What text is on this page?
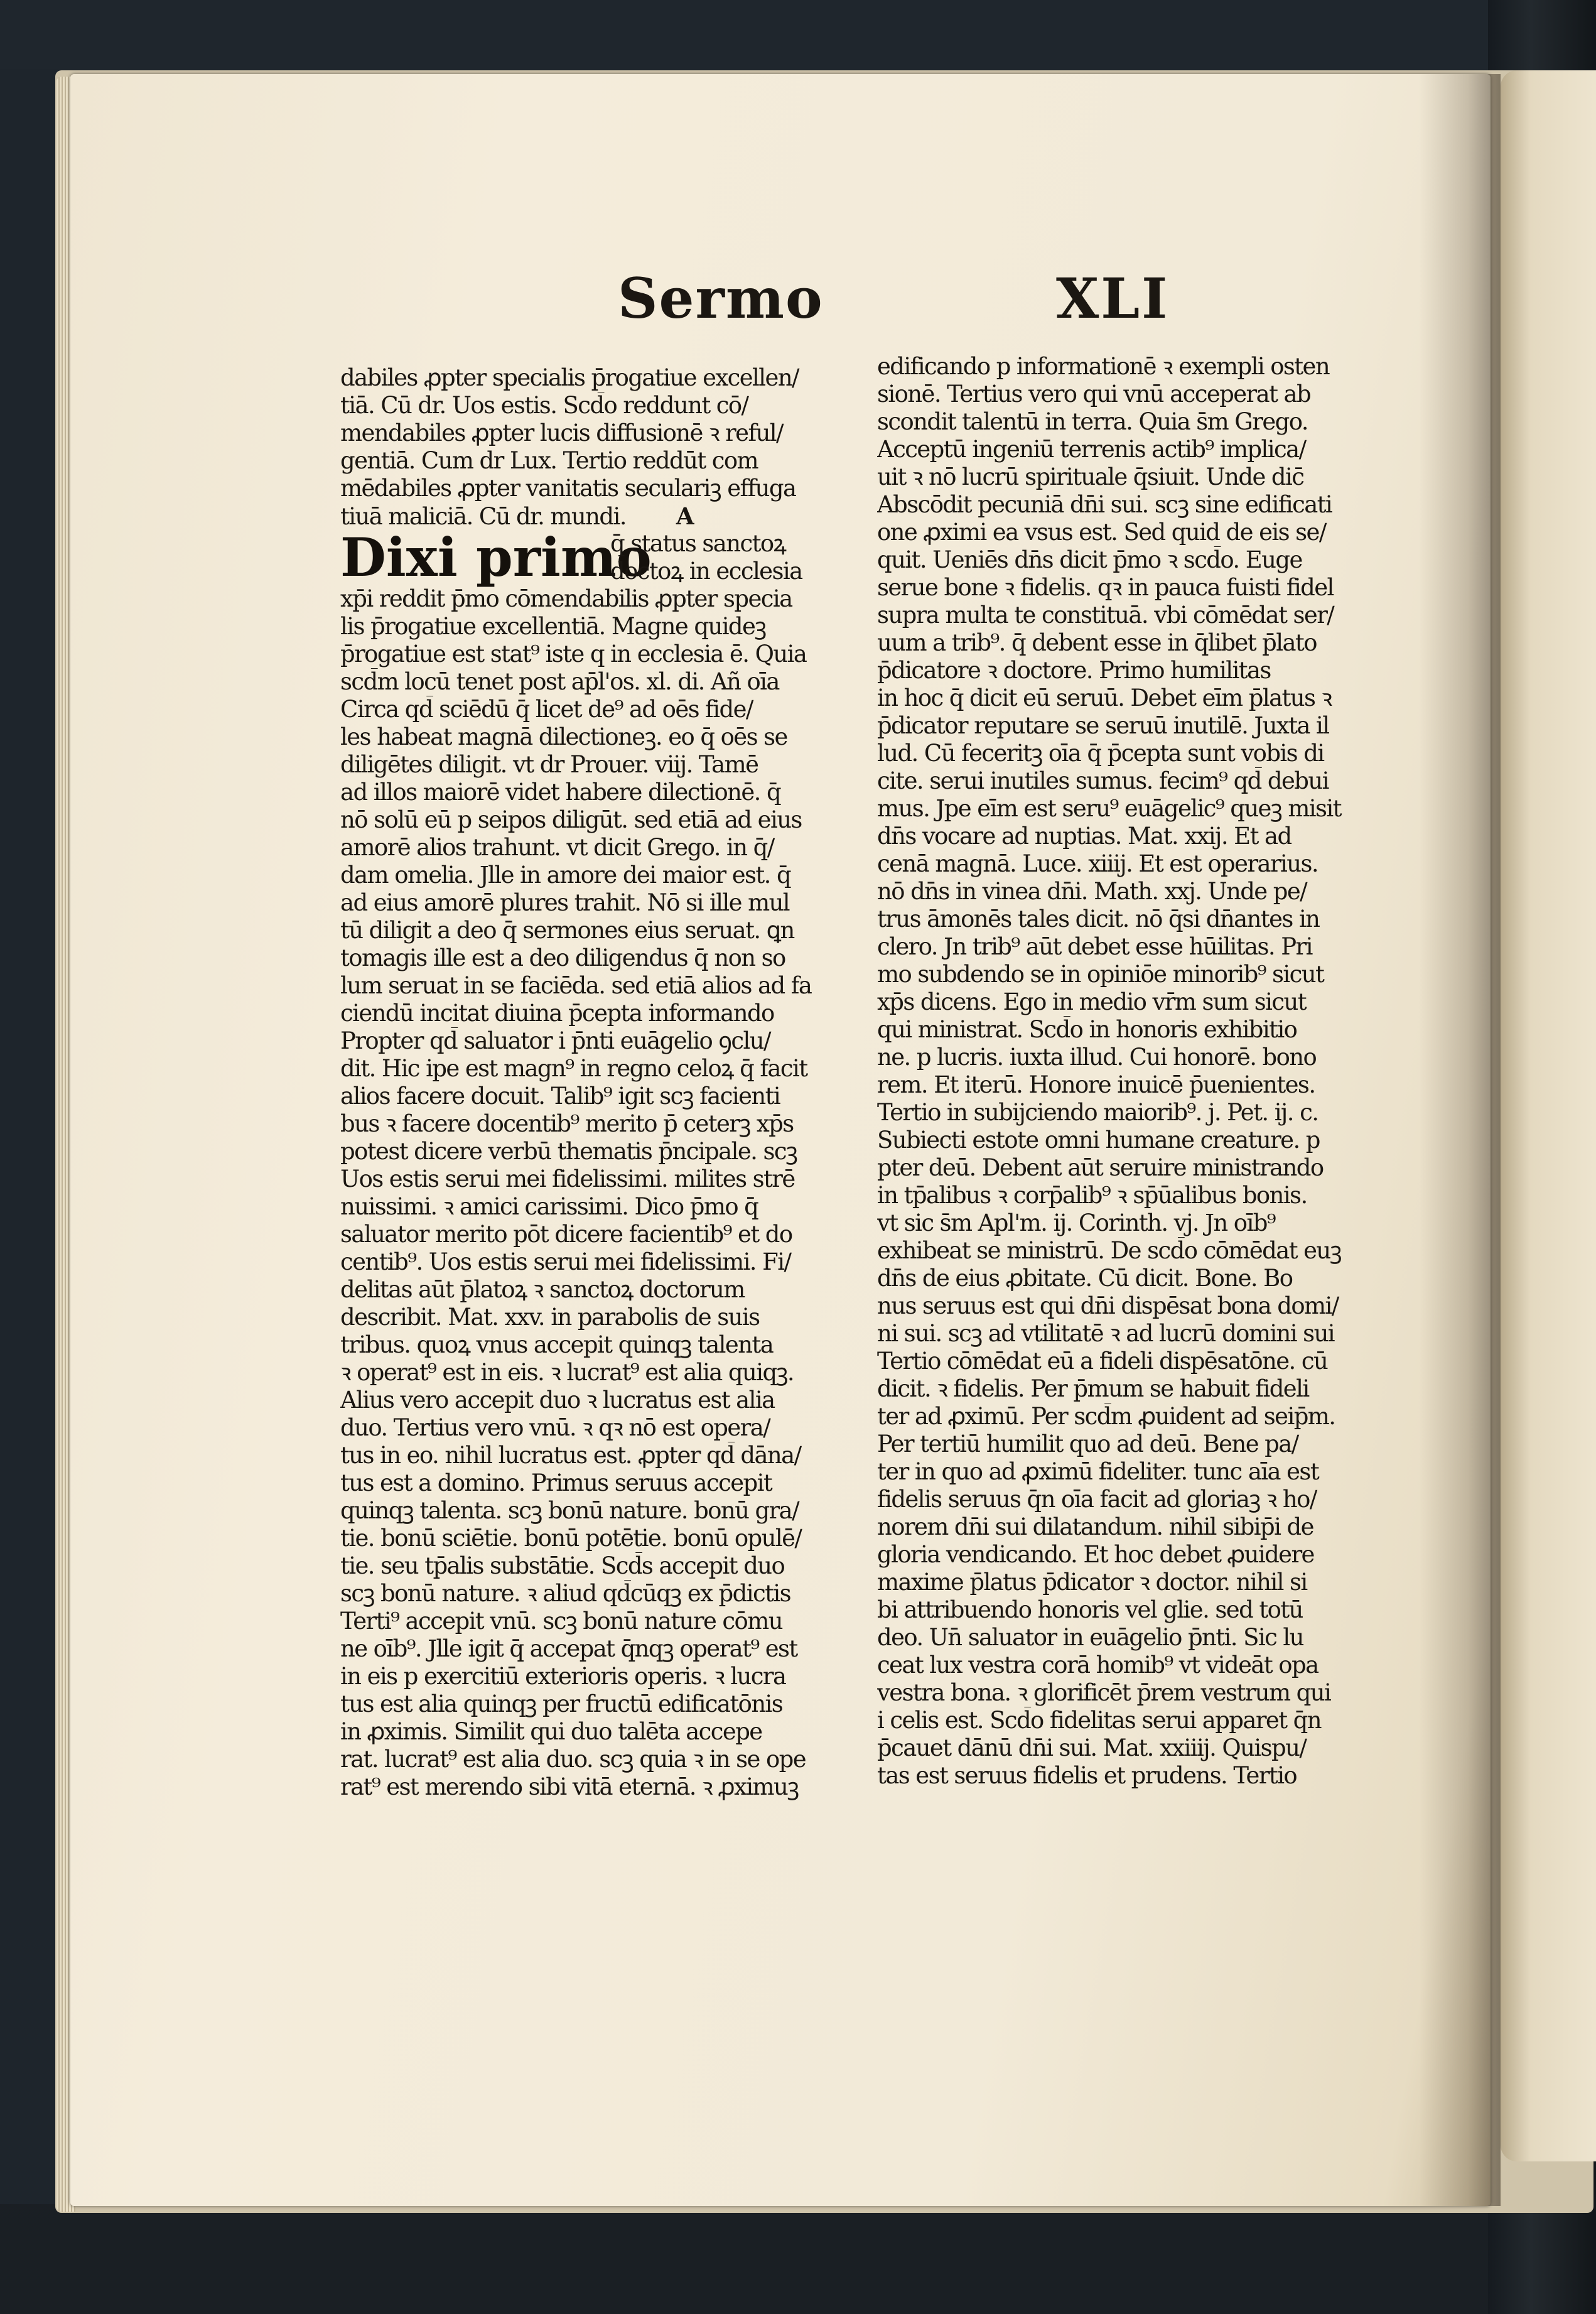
Sermo	XLI
dabiles ꝓpter specialis p̄rogatiue excellen/
tiā. Cū dr. Uos estis. Scd̄o reddunt cō/
mendabiles ꝓpter lucis diffusionē ꝛ reful/
gentiā. Cum dr Lux. Tertio reddūt com
mēdabiles ꝓpter vanitatis seculariꝫ effuga
tiuā maliciā. Cū dr. mundi. A
Dixi primo
q̄ status sanctoꝝ
doctoꝝ in ecclesia
xp̄i reddit p̄mo cōmendabilis ꝓpter specia
lis p̄rogatiue excellentiā. Magne quideꝫ
p̄rogatiue est stat⁹ iste q in ecclesia ē. Quia
scd̄m locū tenet post ap̄l'os. xl. di. Añ oīa
Circa qd̄ sciēdū q̄ licet de⁹ ad oēs fide/
les habeat magnā dilectioneꝫ. eo q̄ oēs se
diligētes diligit. vt dr Prouer. viij. Tamē
ad illos maiorē videt habere dilectionē. q̄
nō solū eū p seipos diligūt. sed etiā ad eius
amorē alios trahunt. vt dicit Grego. in q̄/
dam omelia. Jlle in amore dei maior est. q̄
ad eius amorē plures trahit. Nō si ille mul
tū diligit a deo q̄ sermones eius seruat. ꝗn
tomagis ille est a deo diligendus q̄ non so
lum seruat in se faciēda. sed etiā alios ad fa
ciendū incitat diuina p̄cepta informando
Propter qd̄ saluator i p̄nti euāgelio ꝯclu/
dit. Hic ipe est magn⁹ in regno celoꝝ q̄ facit
alios facere docuit. Talib⁹ igit scꝫ facienti
bus ꝛ facere docentib⁹ merito p̄ ceterꝫ xp̄s
potest dicere verbū thematis p̄ncipale. scꝫ
Uos estis serui mei fidelissimi. milites strē
nuissimi. ꝛ amici carissimi. Dico p̄mo q̄
saluator merito pōt dicere facientib⁹ et do
centib⁹. Uos estis serui mei fidelissimi. Fi/
delitas aūt p̄latoꝝ ꝛ sanctoꝝ doctorum
describit. Mat. xxv. in parabolis de suis
tribus. quoꝝ vnus accepit quinqꝫ talenta
ꝛ operat⁹ est in eis. ꝛ lucrat⁹ est alia quiqꝫ.
Alius vero accepit duo ꝛ lucratus est alia
duo. Tertius vero vnū. ꝛ qꝛ nō est opera/
tus in eo. nihil lucratus est. ꝓpter qd̄ dāna/
tus est a domino. Primus seruus accepit
quinqꝫ talenta. scꝫ bonū nature. bonū gra/
tie. bonū sciētie. bonū potētie. bonū opulē/
tie. seu tp̄alis substātie. Scd̄s accepit duo
scꝫ bonū nature. ꝛ aliud qd̄cūqꝫ ex p̄dictis
Terti⁹ accepit vnū. scꝫ bonū nature cōmu
ne oīb⁹. Jlle igit q̄ accepat q̄nqꝫ operat⁹ est
in eis p exercitiū exterioris operis. ꝛ lucra
tus est alia quinqꝫ per fructū edificatōnis
in ꝓximis. Similit qui duo talēta accepe
rat. lucrat⁹ est alia duo. scꝫ quia ꝛ in se ope
rat⁹ est merendo sibi vitā eternā. ꝛ ꝓximuꝫ
edificando p informationē ꝛ exempli osten
sionē. Tertius vero qui vnū acceperat ab
scondit talentū in terra. Quia s̄m Grego.
Acceptū ingeniū terrenis actib⁹ implica/
uit ꝛ nō lucrū spirituale q̄siuit. Unde dic̄
Abscōdit pecuniā dn̄i sui. scꝫ sine edificati
one ꝓximi ea vsus est. Sed quid de eis se/
quit. Ueniēs dn̄s dicit p̄mo ꝛ scd̄o. Euge
serue bone ꝛ fidelis. qꝛ in pauca fuisti fidel
supra multa te constituā. vbi cōmēdat ser/
uum a trib⁹. q̄ debent esse in q̄libet p̄lato
p̄dicatore ꝛ doctore. Primo humilitas
in hoc q̄ dicit eū seruū. Debet eīm p̄latus ꝛ
p̄dicator reputare se seruū inutilē. Juxta il
lud. Cū feceritꝫ oīa q̄ p̄cepta sunt vobis di
cite. serui inutiles sumus. fecim⁹ qd̄ debui
mus. Jpe eīm est seru⁹ euāgelic⁹ queꝫ misit
dn̄s vocare ad nuptias. Mat. xxij. Et ad
cenā magnā. Luce. xiiij. Et est operarius.
nō dn̄s in vinea dn̄i. Math. xxj. Unde pe/
trus āmonēs tales dicit. nō q̄si dn̄antes in
clero. Jn trib⁹ aūt debet esse hūilitas. Pri
mo subdendo se in opiniōe minorib⁹ sicut
xp̄s dicens. Ego in medio vr̄m sum sicut
qui ministrat. Scd̄o in honoris exhibitio
ne. p lucris. iuxta illud. Cui honorē. bono
rem. Et iterū. Honore inuicē p̄uenientes.
Tertio in subijciendo maiorib⁹. j. Pet. ij. c.
Subiecti estote omni humane creature. p
pter deū. Debent aūt seruire ministrando
in tp̄alibus ꝛ corp̄alib⁹ ꝛ sp̄ūalibus bonis.
vt sic s̄m Apl'm. ij. Corinth. vj. Jn oīb⁹
exhibeat se ministrū. De scd̄o cōmēdat euꝫ
dn̄s de eius ꝓbitate. Cū dicit. Bone. Bo
nus seruus est qui dn̄i dispēsat bona domi/
ni sui. scꝫ ad vtilitatē ꝛ ad lucrū domini sui
Tertio cōmēdat eū a fideli dispēsatōne. cū
dicit. ꝛ fidelis. Per p̄mum se habuit fideli
ter ad ꝓximū. Per scd̄m ꝓuident ad seip̄m.
Per tertiū humilit quo ad deū. Bene pa/
ter in quo ad ꝓximū fideliter. tunc aīa est
fidelis seruus q̄n oīa facit ad gloriaꝫ ꝛ ho/
norem dn̄i sui dilatandum. nihil sibip̄i de
gloria vendicando. Et hoc debet ꝓuidere
maxime p̄latus p̄dicator ꝛ doctor. nihil si
bi attribuendo honoris vel glie. sed totū
deo. Un̄ saluator in euāgelio p̄nti. Sic lu
ceat lux vestra corā homib⁹ vt videāt opa
vestra bona. ꝛ glorificēt p̄rem vestrum qui
i celis est. Scd̄o fidelitas serui apparet q̄n
p̄cauet dānū dn̄i sui. Mat. xxiiij. Quispu/
tas est seruus fidelis et prudens. Tertio
